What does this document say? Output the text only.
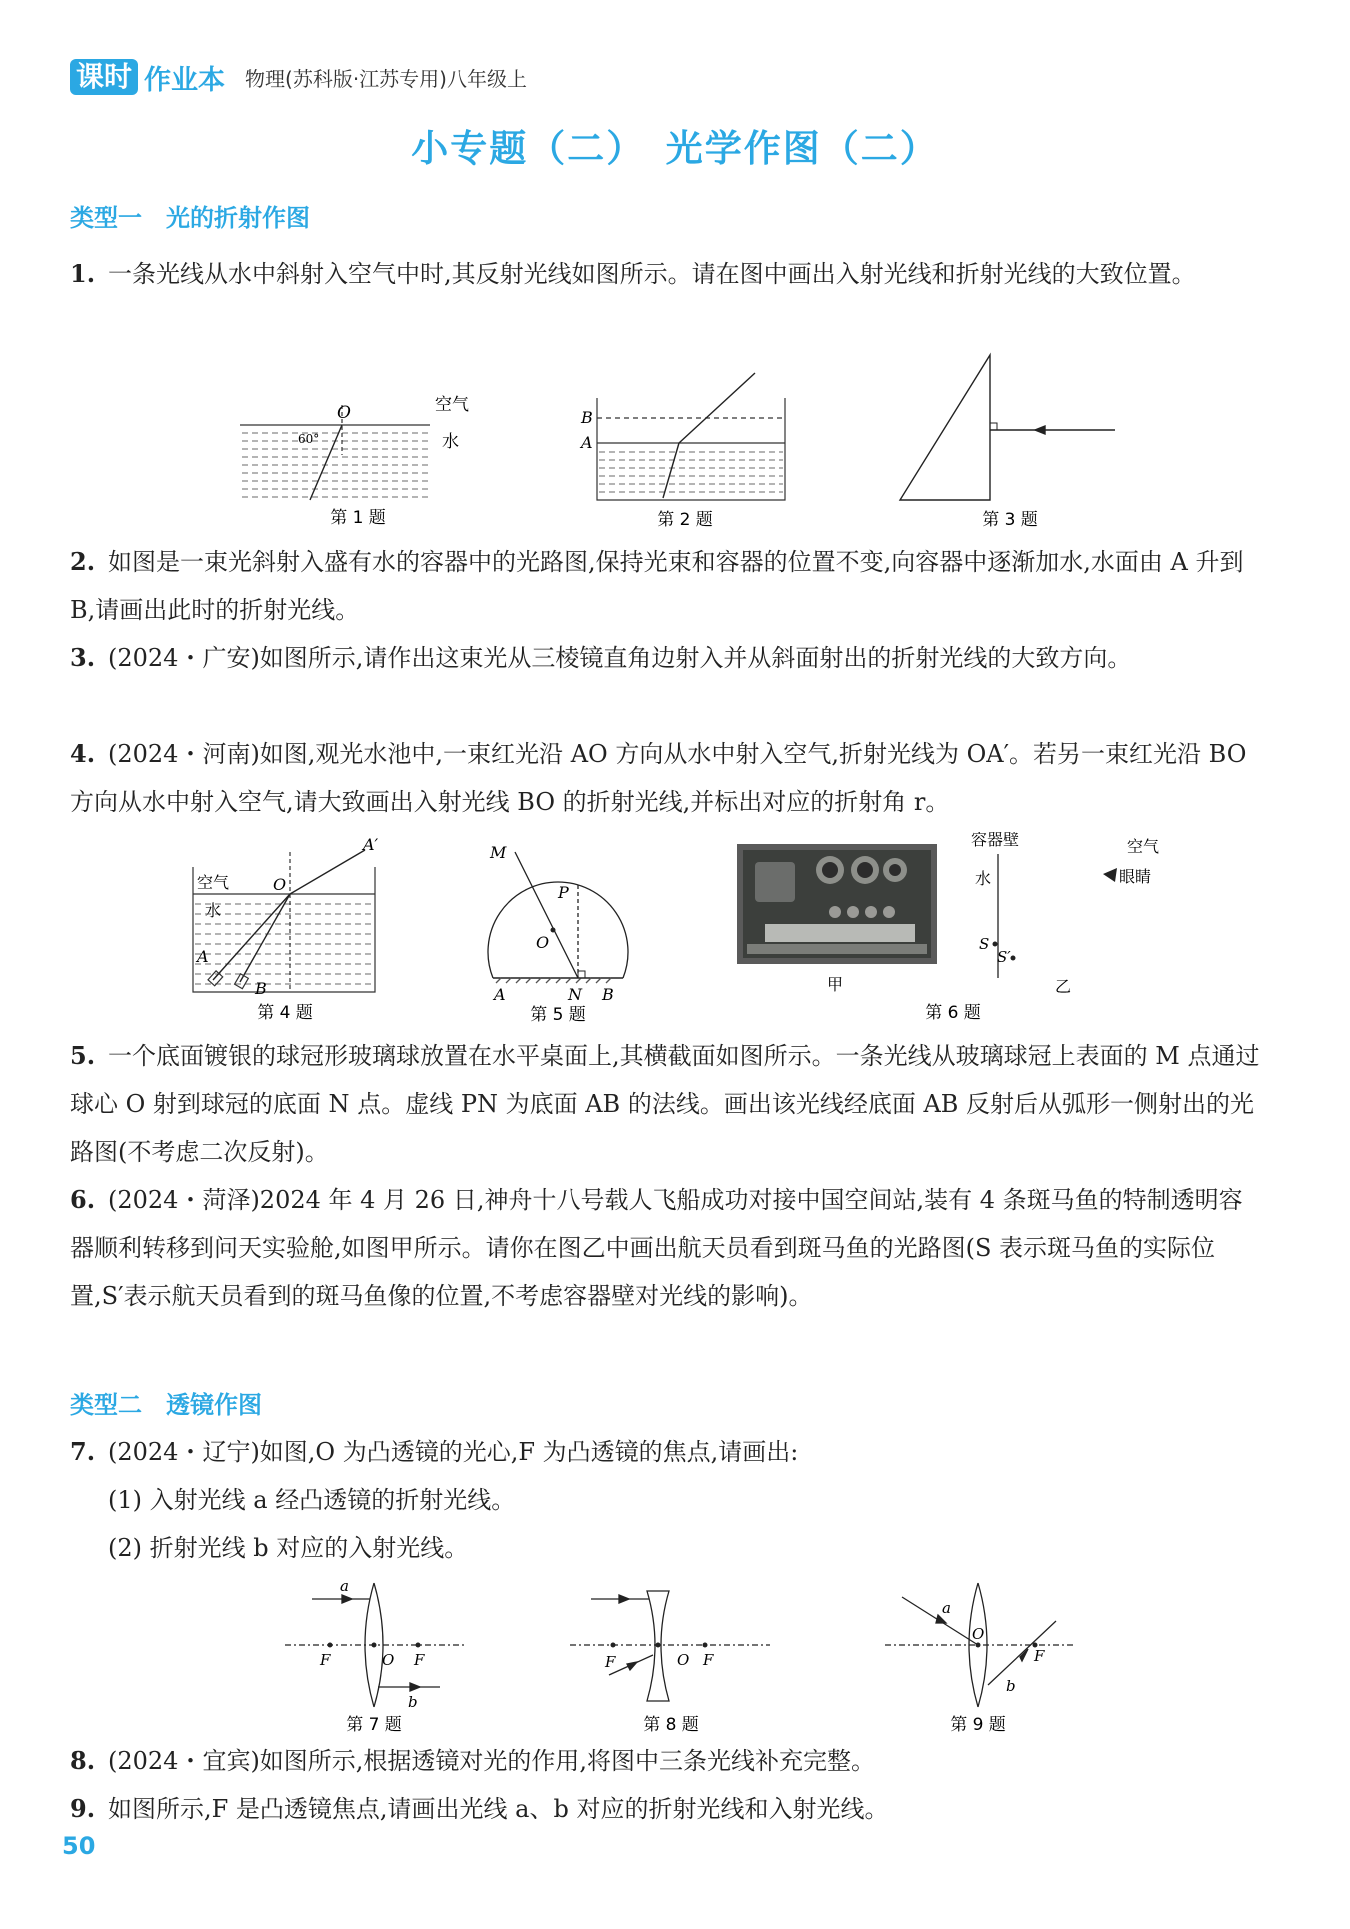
课时 作业本 物理(苏科版·江苏专用)八年级上
小专题（二）　光学作图（二）
类型一　光的折射作图
1. 一条光线从水中斜射入空气中时,其反射光线如图所示。请在图中画出入射光线和折射光线的大致位置。
O
60°
空气
水
第 1 题
B
A
第 2 题	第 3 题
2. 如图是一束光斜射入盛有水的容器中的光路图,保持光束和容器的位置不变,向容器中逐渐加水,水面由 A 升到 B,请画出此时的折射光线。
3. (2024・广安)如图所示,请作出这束光从三棱镜直角边射入并从斜面射出的折射光线的大致方向。
4. (2024・河南)如图,观光水池中,一束红光沿 AO 方向从水中射入空气,折射光线为 OA′。若另一束红光沿 BO 方向从水中射入空气,请大致画出入射光线 BO 的折射光线,并标出对应的折射角 r。
空气
水
O
A
B
A′
第 4 题
M
P
O
A	N B
第 5 题
甲
容器壁	空气
眼睛
水
S
S′
乙
第 6 题
5. 一个底面镀银的球冠形玻璃球放置在水平桌面上,其横截面如图所示。一条光线从玻璃球冠上表面的 M 点通过球心 O 射到球冠的底面 N 点。虚线 PN 为底面 AB 的法线。画出该光线经底面 AB 反射后从弧形一侧射出的光路图(不考虑二次反射)。
6. (2024・菏泽)2024 年 4 月 26 日,神舟十八号载人飞船成功对接中国空间站,装有 4 条斑马鱼的特制透明容器顺利转移到问天实验舱,如图甲所示。请你在图乙中画出航天员看到斑马鱼的光路图(S 表示斑马鱼的实际位置,S′表示航天员看到的斑马鱼像的位置,不考虑容器壁对光线的影响)。
类型二　透镜作图
7. (2024・辽宁)如图,O 为凸透镜的光心,F 为凸透镜的焦点,请画出:
(1) 入射光线 a 经凸透镜的折射光线。
(2) 折射光线 b 对应的入射光线。
a
F	O F
b
第 7 题
F	O F
第 8 题
a
O
F
b
第 9 题
8. (2024・宜宾)如图所示,根据透镜对光的作用,将图中三条光线补充完整。
9. 如图所示,F 是凸透镜焦点,请画出光线 a、b 对应的折射光线和入射光线。
50
